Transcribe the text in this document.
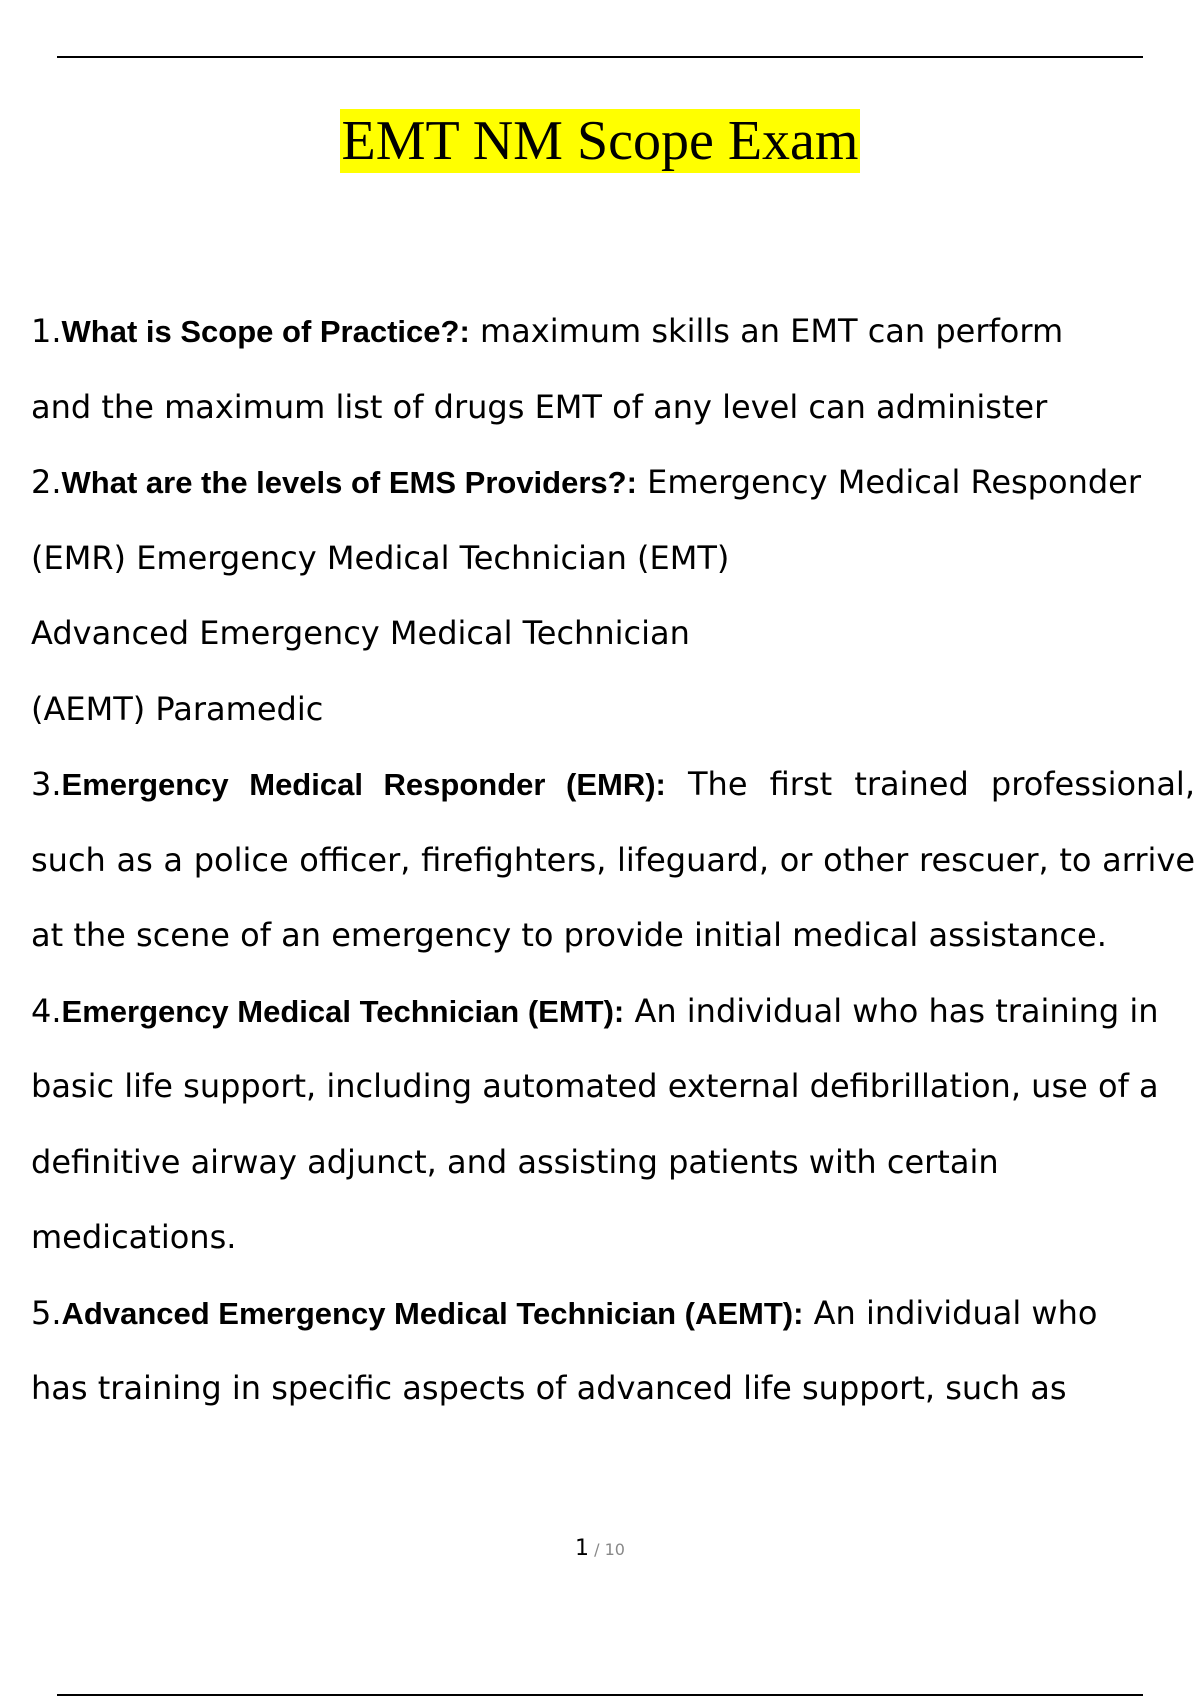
EMT NM Scope Exam

1.What is Scope of Practice?: maximum skills an EMT can perform

and the maximum list of drugs EMT of any level can administer

2.What are the levels of EMS Providers?: Emergency Medical Responder

(EMR) Emergency Medical Technician (EMT)

Advanced Emergency Medical Technician

(AEMT) Paramedic

3.Emergency Medical Responder (EMR): The first trained professional, such as a police officer, firefighters, lifeguard, or other rescuer, to arrive at the scene of an emergency to provide initial medical assistance.

4.Emergency Medical Technician (EMT): An individual who has training in

basic life support, including automated external defibrillation, use of a

definitive airway adjunct, and assisting patients with certain

medications.

5.Advanced Emergency Medical Technician (AEMT): An individual who

has training in specific aspects of advanced life support, such as

1 / 10
